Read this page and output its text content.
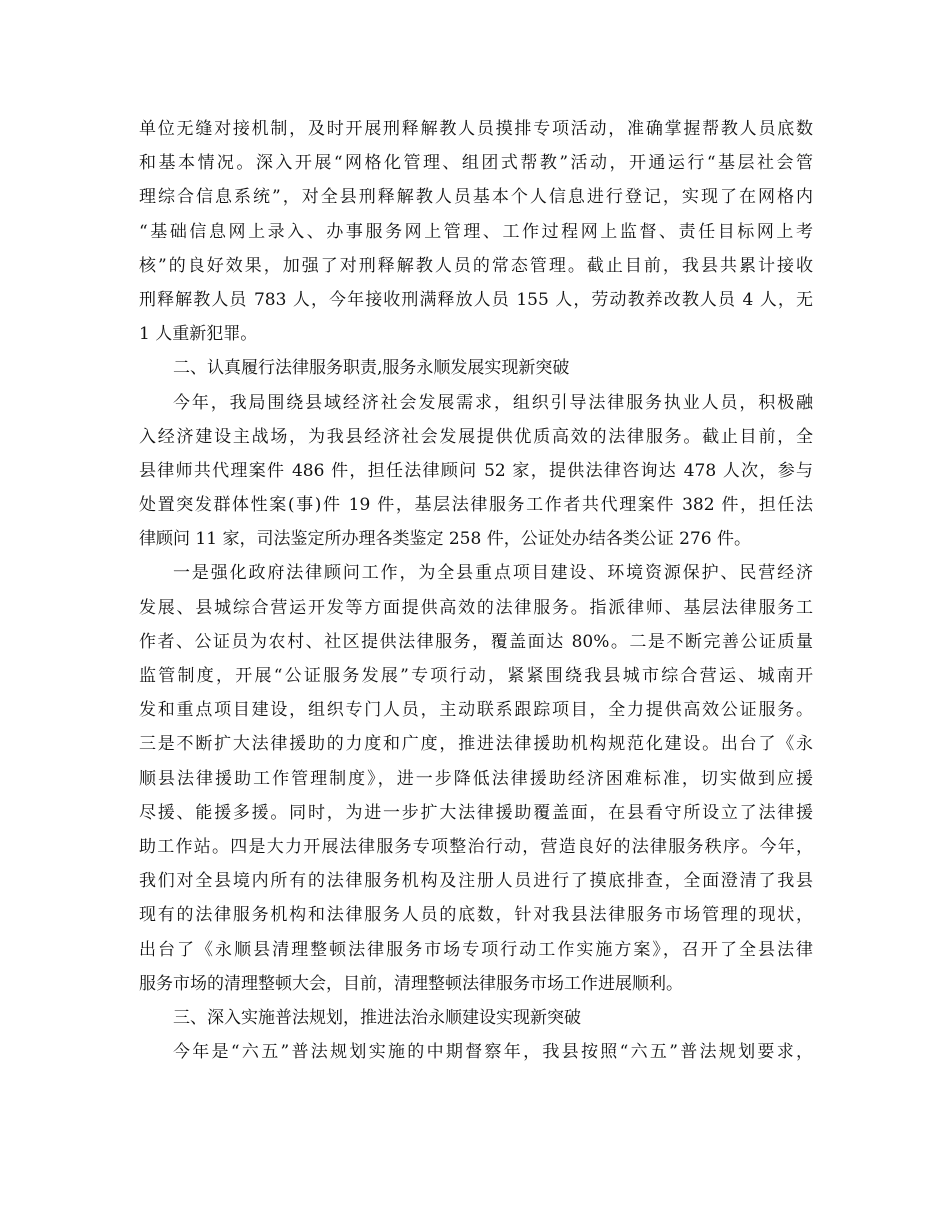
单位无缝对接机制，及时开展刑释解教人员摸排专项活动，准确掌握帮教人员底数
和基本情况。深入开展“网格化管理、组团式帮教”活动，开通运行“基层社会管
理综合信息系统”，对全县刑释解教人员基本个人信息进行登记，实现了在网格内
“基础信息网上录入、办事服务网上管理、工作过程网上监督、责任目标网上考
核”的良好效果，加强了对刑释解教人员的常态管理。截止目前，我县共累计接收
刑释解教人员 783 人，今年接收刑满释放人员 155 人，劳动教养改教人员 4 人，无
1 人重新犯罪。
二、认真履行法律服务职责,服务永顺发展实现新突破
今年，我局围绕县域经济社会发展需求，组织引导法律服务执业人员，积极融
入经济建设主战场，为我县经济社会发展提供优质高效的法律服务。截止目前，全
县律师共代理案件 486 件，担任法律顾问 52 家，提供法律咨询达 478 人次，参与
处置突发群体性案(事)件 19 件，基层法律服务工作者共代理案件 382 件，担任法
律顾问 11 家，司法鉴定所办理各类鉴定 258 件，公证处办结各类公证 276 件。
一是强化政府法律顾问工作，为全县重点项目建设、环境资源保护、民营经济
发展、县城综合营运开发等方面提供高效的法律服务。指派律师、基层法律服务工
作者、公证员为农村、社区提供法律服务，覆盖面达 80%。二是不断完善公证质量
监管制度，开展“公证服务发展”专项行动，紧紧围绕我县城市综合营运、城南开
发和重点项目建设，组织专门人员，主动联系跟踪项目，全力提供高效公证服务。
三是不断扩大法律援助的力度和广度，推进法律援助机构规范化建设。出台了《永
顺县法律援助工作管理制度》，进一步降低法律援助经济困难标准，切实做到应援
尽援、能援多援。同时，为进一步扩大法律援助覆盖面，在县看守所设立了法律援
助工作站。四是大力开展法律服务专项整治行动，营造良好的法律服务秩序。今年，
我们对全县境内所有的法律服务机构及注册人员进行了摸底排查，全面澄清了我县
现有的法律服务机构和法律服务人员的底数，针对我县法律服务市场管理的现状，
出台了《永顺县清理整顿法律服务市场专项行动工作实施方案》，召开了全县法律
服务市场的清理整顿大会，目前，清理整顿法律服务市场工作进展顺利。
三、深入实施普法规划，推进法治永顺建设实现新突破
今年是“六五”普法规划实施的中期督察年，我县按照“六五”普法规划要求，
